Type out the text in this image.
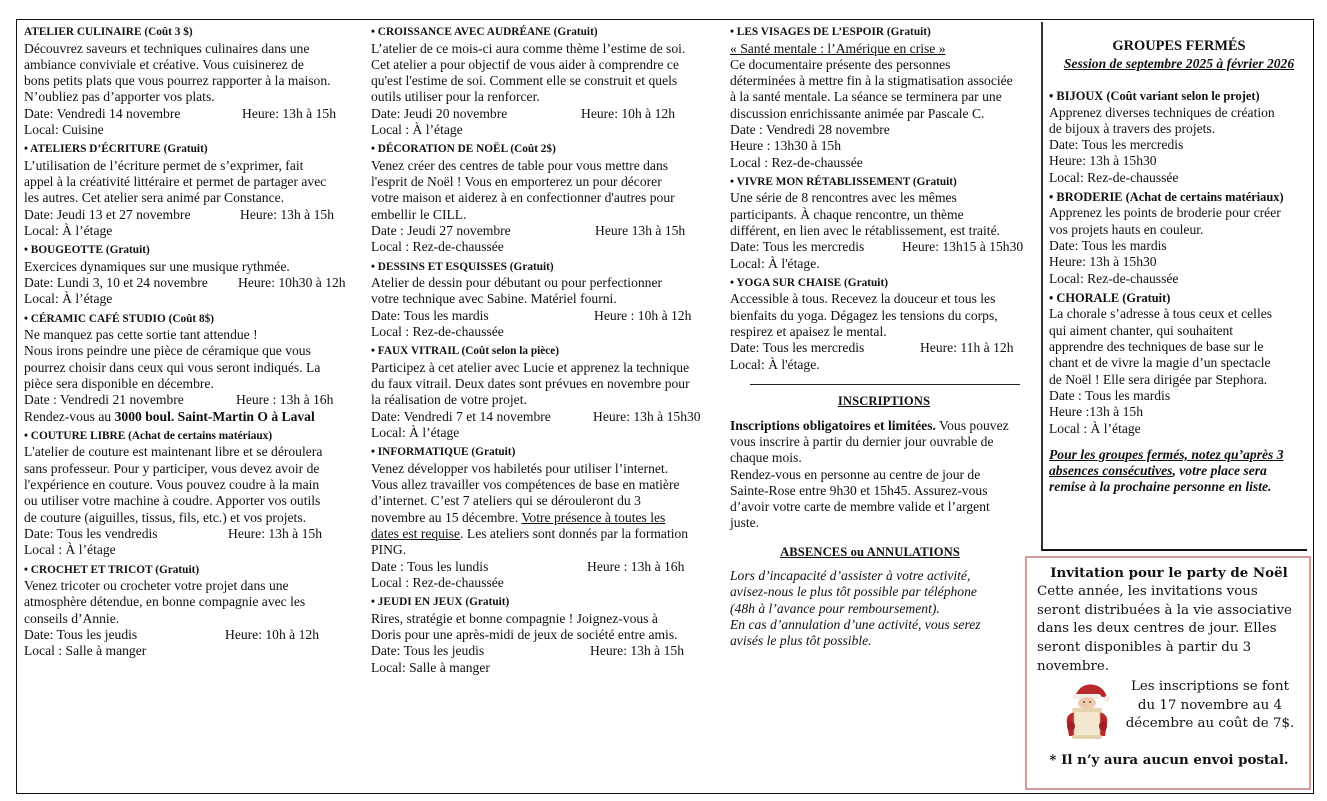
ATELIER CULINAIRE (Coût 3 $)
Découvrez saveurs et techniques culinaires dans une
ambiance conviviale et créative. Vous cuisinerez de
bons petits plats que vous pourrez rapporter à la maison.
N’oubliez pas d’apporter vos plats.
Date: Vendredi 14 novembre	Heure: 13h à 15h
Local: Cuisine
• ATELIERS D’ÉCRITURE (Gratuit)
L’utilisation de l’écriture permet de s’exprimer, fait
appel à la créativité littéraire et permet de partager avec
les autres. Cet atelier sera animé par Constance.
Date: Jeudi 13 et 27 novembre	Heure: 13h à 15h
Local: À l’étage
• BOUGEOTTE (Gratuit)
Exercices dynamiques sur une musique rythmée.
Date: Lundi 3, 10 et 24 novembre	Heure: 10h30 à 12h
Local: À l’étage
• CÉRAMIC CAFÉ STUDIO (Coût 8$)
Ne manquez pas cette sortie tant attendue !
Nous irons peindre une pièce de céramique que vous
pourrez choisir dans ceux qui vous seront indiqués. La
pièce sera disponible en décembre.
Date : Vendredi 21 novembre	Heure : 13h à 16h
Rendez-vous au 3000 boul. Saint-Martin O à Laval
• COUTURE LIBRE (Achat de certains matériaux)
L'atelier de couture est maintenant libre et se déroulera
sans professeur. Pour y participer, vous devez avoir de
l'expérience en couture. Vous pouvez coudre à la main
ou utiliser votre machine à coudre. Apporter vos outils
de couture (aiguilles, tissus, fils, etc.) et vos projets.
Date: Tous les vendredis	Heure: 13h à 15h
Local : À l’étage
• CROCHET ET TRICOT (Gratuit)
Venez tricoter ou crocheter votre projet dans une
atmosphère détendue, en bonne compagnie avec les
conseils d’Annie.
Date: Tous les jeudis	Heure: 10h à 12h
Local : Salle à manger
• CROISSANCE AVEC AUDRÉANE (Gratuit)
L’atelier de ce mois-ci aura comme thème l’estime de soi.
Cet atelier a pour objectif de vous aider à comprendre ce
qu'est l'estime de soi. Comment elle se construit et quels
outils utiliser pour la renforcer.
Date: Jeudi 20 novembre	Heure: 10h à 12h
Local : À l’étage
• DÉCORATION DE NOËL (Coût 2$)
Venez créer des centres de table pour vous mettre dans
l'esprit de Noël ! Vous en emporterez un pour décorer
votre maison et aiderez à en confectionner d'autres pour
embellir le CILL.
Date : Jeudi 27 novembre	Heure 13h à 15h
Local : Rez-de-chaussée
• DESSINS ET ESQUISSES (Gratuit)
Atelier de dessin pour débutant ou pour perfectionner
votre technique avec Sabine. Matériel fourni.
Date: Tous les mardis	Heure : 10h à 12h
Local : Rez-de-chaussée
• FAUX VITRAIL (Coût selon la pièce)
Participez à cet atelier avec Lucie et apprenez la technique
du faux vitrail. Deux dates sont prévues en novembre pour
la réalisation de votre projet.
Date: Vendredi 7 et 14 novembre	Heure: 13h à 15h30
Local: À l’étage
• INFORMATIQUE (Gratuit)
Venez développer vos habiletés pour utiliser l’internet.
Vous allez travailler vos compétences de base en matière
d’internet. C’est 7 ateliers qui se dérouleront du 3
novembre au 15 décembre. Votre présence à toutes les
dates est requise. Les ateliers sont donnés par la formation
PING.
Date : Tous les lundis	Heure : 13h à 16h
Local : Rez-de-chaussée
• JEUDI EN JEUX (Gratuit)
Rires, stratégie et bonne compagnie ! Joignez-vous à
Doris pour une après-midi de jeux de société entre amis.
Date: Tous les jeudis	Heure: 13h à 15h
Local: Salle à manger
• LES VISAGES DE L’ESPOIR (Gratuit)
« Santé mentale : l’Amérique en crise »
Ce documentaire présente des personnes
déterminées à mettre fin à la stigmatisation associée
à la santé mentale. La séance se terminera par une
discussion enrichissante animée par Pascale C.
Date : Vendredi 28 novembre
Heure : 13h30 à 15h
Local : Rez-de-chaussée
• VIVRE MON RÉTABLISSEMENT (Gratuit)
Une série de 8 rencontres avec les mêmes
participants. À chaque rencontre, un thème
différent, en lien avec le rétablissement, est traité.
Date: Tous les mercredis	Heure: 13h15 à 15h30
Local: À l'étage.
• YOGA SUR CHAISE (Gratuit)
Accessible à tous. Recevez la douceur et tous les
bienfaits du yoga. Dégagez les tensions du corps,
respirez et apaisez le mental.
Date: Tous les mercredis	Heure: 11h à 12h
Local: À l'étage.
INSCRIPTIONS
Inscriptions obligatoires et limitées. Vous pouvez
vous inscrire à partir du dernier jour ouvrable de
chaque mois.
Rendez-vous en personne au centre de jour de
Sainte-Rose entre 9h30 et 15h45. Assurez-vous
d’avoir votre carte de membre valide et l’argent
juste.
ABSENCES ou ANNULATIONS
Lors d’incapacité d’assister à votre activité,
avisez-nous le plus tôt possible par téléphone
(48h à l’avance pour remboursement).
En cas d’annulation d’une activité, vous serez
avisés le plus tôt possible.
GROUPES FERMÉS
Session de septembre 2025 à février 2026
• BIJOUX (Coût variant selon le projet)
Apprenez diverses techniques de création
de bijoux à travers des projets.
Date: Tous les mercredis
Heure: 13h à 15h30
Local: Rez-de-chaussée
• BRODERIE (Achat de certains matériaux)
Apprenez les points de broderie pour créer
vos projets hauts en couleur.
Date: Tous les mardis
Heure: 13h à 15h30
Local: Rez-de-chaussée
• CHORALE (Gratuit)
La chorale s’adresse à tous ceux et celles
qui aiment chanter, qui souhaitent
apprendre des techniques de base sur le
chant et de vivre la magie d’un spectacle
de Noël ! Elle sera dirigée par Stephora.
Date : Tous les mardis
Heure :13h à 15h
Local : À l’étage
Pour les groupes fermés, notez qu’après 3
absences consécutives, votre place sera
remise à la prochaine personne en liste.
Invitation pour le party de Noël
Cette année, les invitations vous
seront distribuées à la vie associative
dans les deux centres de jour. Elles
seront disponibles à partir du 3
novembre.
Les inscriptions se font
du 17 novembre au 4
décembre au coût de 7$.
* Il n’y aura aucun envoi postal.
